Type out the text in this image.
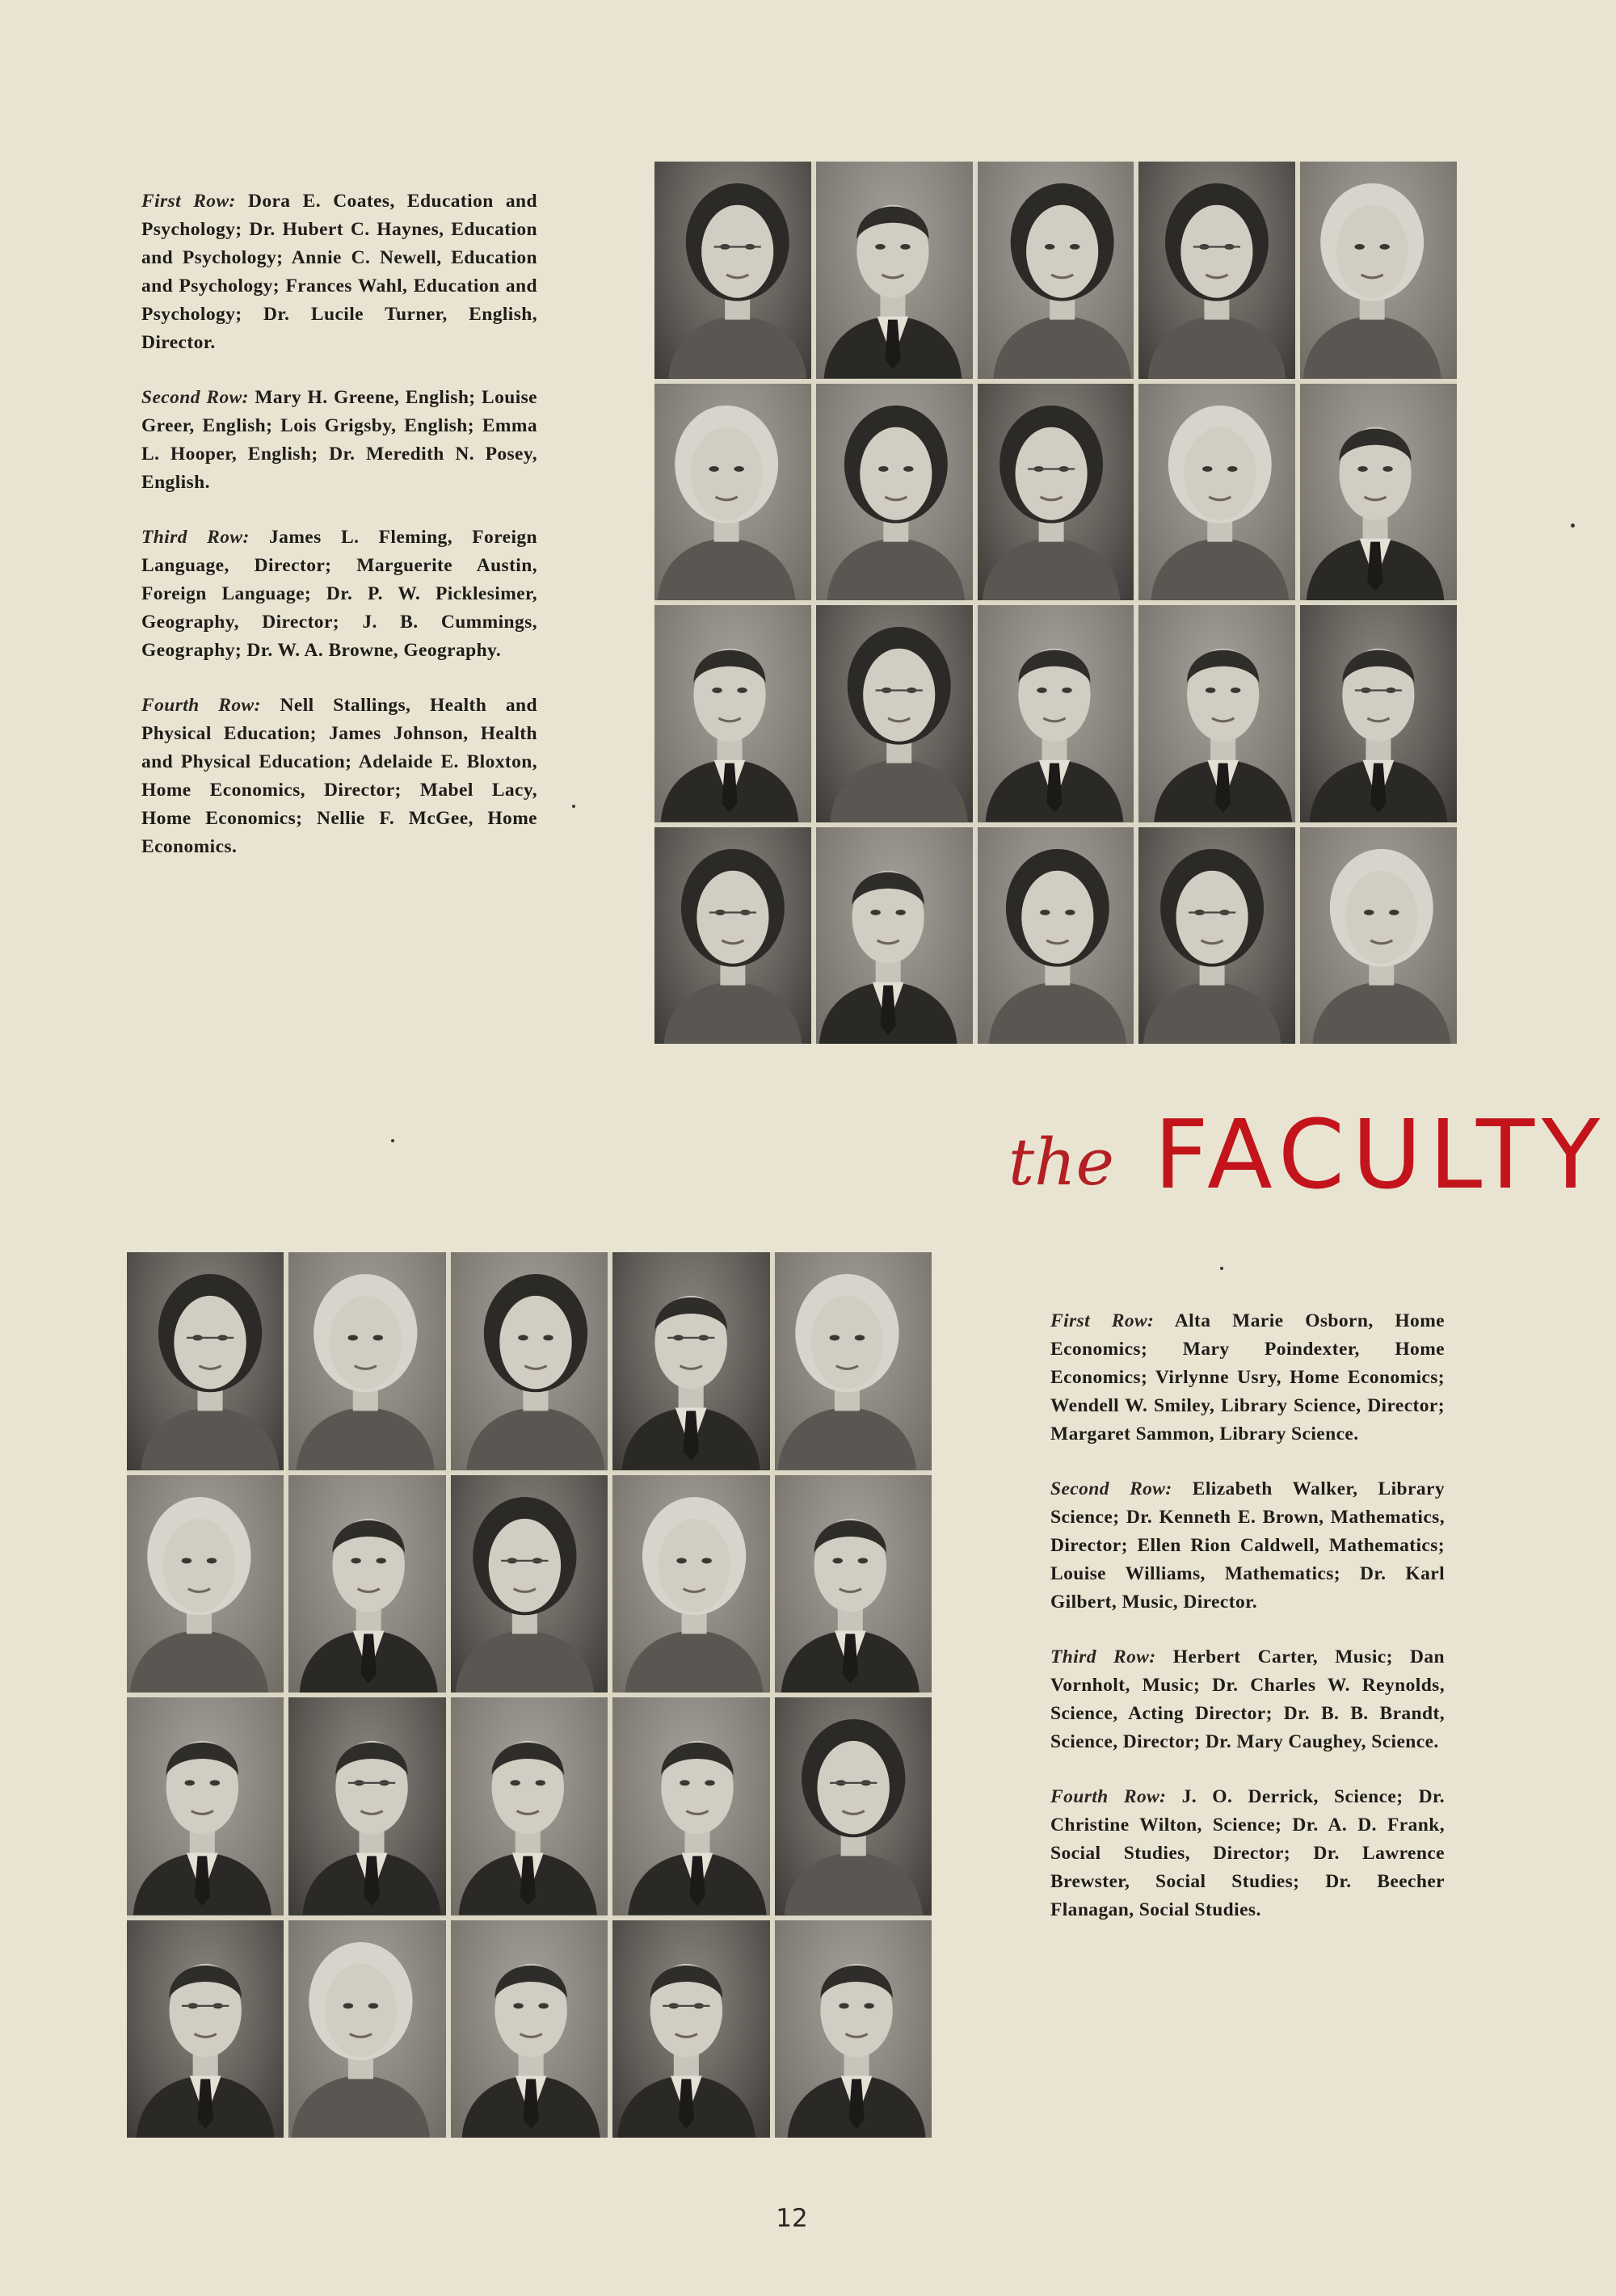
First Row: Dora E. Coates, Education and Psychology; Dr. Hubert C. Haynes, Education and Psychology; Annie C. Newell, Education and Psychology; Frances Wahl, Education and Psychology; Dr. Lucile Turner, English, Director.

Second Row: Mary H. Greene, English; Louise Greer, English; Lois Grigsby, English; Emma L. Hooper, English; Dr. Meredith N. Posey, English.

Third Row: James L. Fleming, Foreign Language, Director; Marguerite Austin, Foreign Language; Dr. P. W. Picklesimer, Geography, Director; J. B. Cummings, Geography; Dr. W. A. Browne, Geography.

Fourth Row: Nell Stallings, Health and Physical Education; James Johnson, Health and Physical Education; Adelaide E. Bloxton, Home Economics, Director; Mabel Lacy, Home Economics; Nellie F. McGee, Home Economics.

the FACULTY

First Row: Alta Marie Osborn, Home Economics; Mary Poindexter, Home Economics; Virlynne Usry, Home Economics; Wendell W. Smiley, Library Science, Director; Margaret Sammon, Library Science.

Second Row: Elizabeth Walker, Library Science; Dr. Kenneth E. Brown, Mathematics, Director; Ellen Rion Caldwell, Mathematics; Louise Williams, Mathematics; Dr. Karl Gilbert, Music, Director.

Third Row: Herbert Carter, Music; Dan Vornholt, Music; Dr. Charles W. Reynolds, Science, Acting Director; Dr. B. B. Brandt, Science, Director; Dr. Mary Caughey, Science.

Fourth Row: J. O. Derrick, Science; Dr. Christine Wilton, Science; Dr. A. D. Frank, Social Studies, Director; Dr. Lawrence Brewster, Social Studies; Dr. Beecher Flanagan, Social Studies.

12
